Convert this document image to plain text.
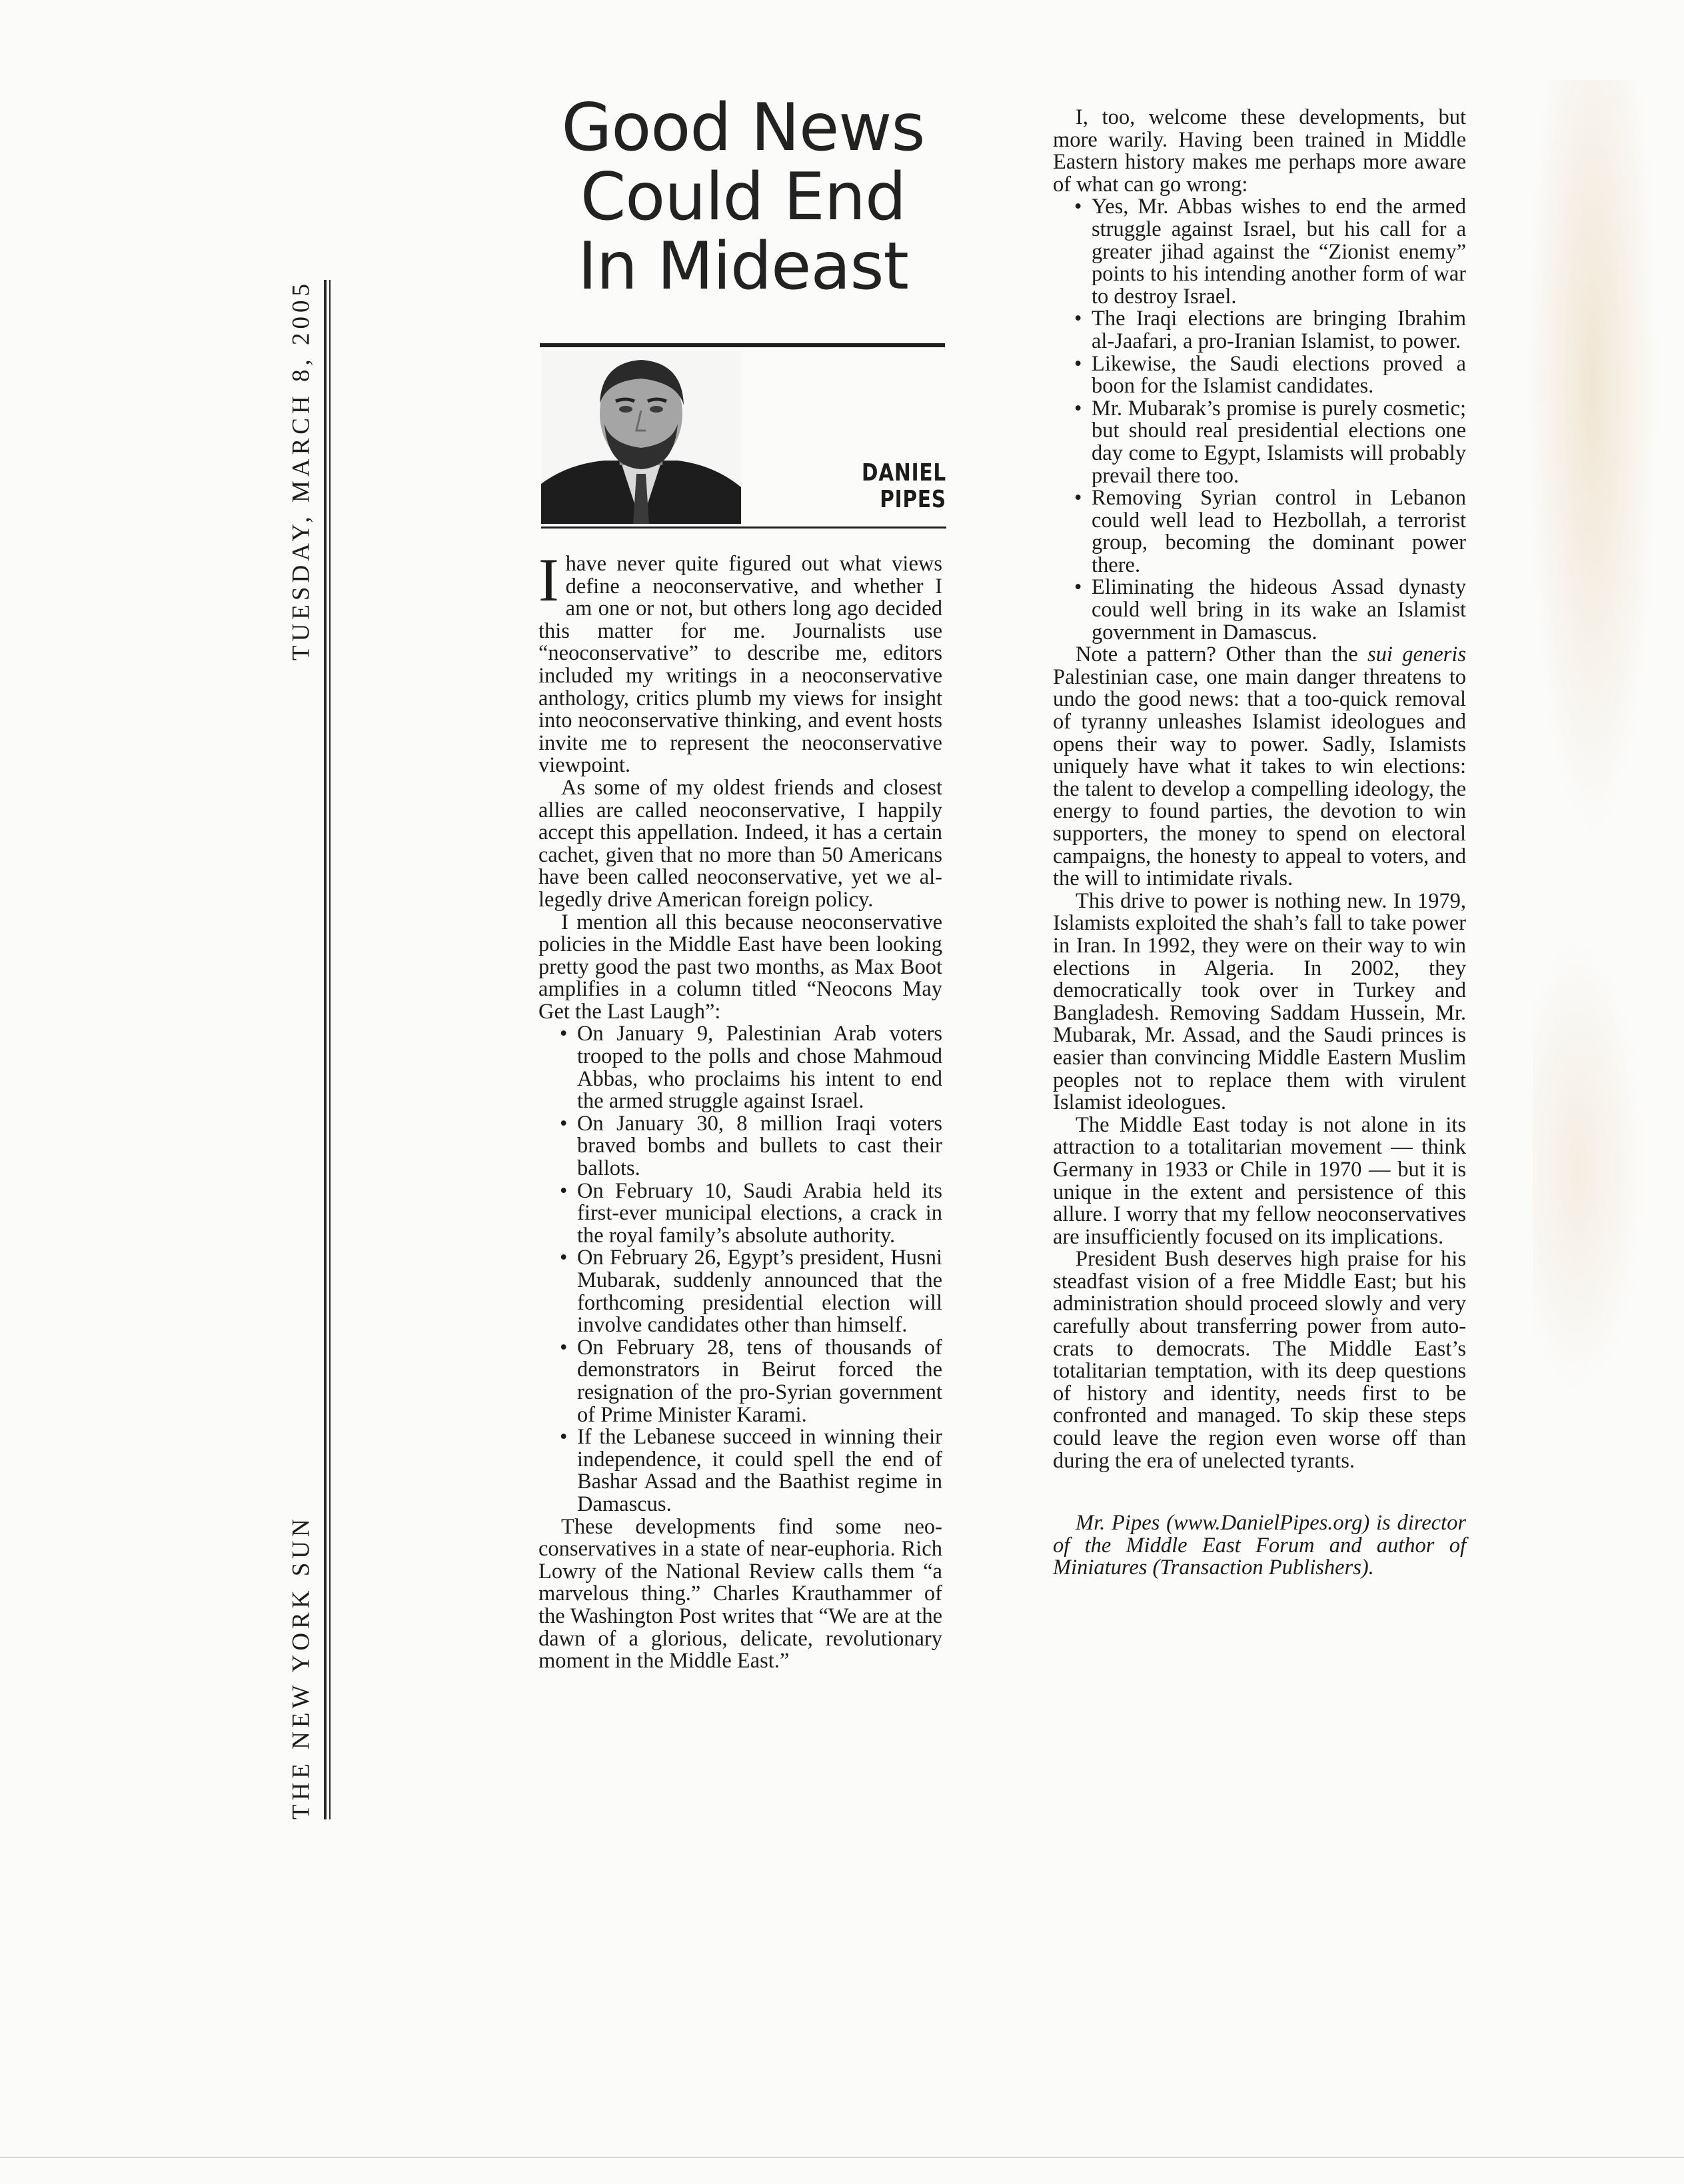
THE NEW YORK SUN
TUESDAY, MARCH 8, 2005
Good News
Could End
In Mideast
DANIEL
PIPES

Ihave never quite figured out what views define a neoconservative, and whether I am one or not, but others long ago decided this matter for me. Journalists use “neoconservative” to describe me, editors included my writings in a neoconservative anthology, critics plumb my views for insight into neoconservative thinking, and event hosts invite me to represent the neoconservative viewpoint.

As some of my oldest friends and closest allies are called neoconservative, I happily accept this appellation. Indeed, it has a certain cachet, given that no more than 50 Americans have been called neoconservative, yet we allegedly drive American foreign policy.

I mention all this because neoconservative policies in the Middle East have been looking pretty good the past two months, as Max Boot amplifies in a column titled “Neocons May Get the Last Laugh”:

• On January 9, Palestinian Arab voters trooped to the polls and chose Mahmoud Abbas, who proclaims his intent to end the armed struggle against Israel.
• On January 30, 8 million Iraqi voters braved bombs and bullets to cast their ballots.
• On February 10, Saudi Arabia held its first-ever municipal elections, a crack in the royal family’s absolute authority.
• On February 26, Egypt’s president, Husni Mubarak, suddenly announced that the forthcoming presidential election will involve candidates other than himself.
• On February 28, tens of thousands of demonstrators in Beirut forced the resignation of the pro-Syrian government of Prime Minister Karami.
• If the Lebanese succeed in winning their independence, it could spell the end of Bashar Assad and the Baathist regime in Damascus.

These developments find some neoconservatives in a state of near-euphoria. Rich Lowry of the National Review calls them “a marvelous thing.” Charles Krauthammer of the Washington Post writes that “We are at the dawn of a glorious, delicate, revolutionary moment in the Middle East.”

I, too, welcome these developments, but more warily. Having been trained in Middle Eastern history makes me perhaps more aware of what can go wrong:

• Yes, Mr. Abbas wishes to end the armed struggle against Israel, but his call for a greater jihad against the “Zionist enemy” points to his intending another form of war to destroy Israel.
• The Iraqi elections are bringing Ibrahim al-Jaafari, a pro-Iranian Islamist, to power.
• Likewise, the Saudi elections proved a boon for the Islamist candidates.
• Mr. Mubarak’s promise is purely cosmetic; but should real presidential elections one day come to Egypt, Islamists will probably prevail there too.
• Removing Syrian control in Lebanon could well lead to Hezbollah, a terrorist group, becoming the dominant power there.
• Eliminating the hideous Assad dynasty could well bring in its wake an Islamist government in Damascus.

Note a pattern? Other than the sui generis Palestinian case, one main danger threatens to undo the good news: that a too-quick removal of tyranny unleashes Islamist ideologues and opens their way to power. Sadly, Islamists uniquely have what it takes to win elections: the talent to develop a compelling ideology, the energy to found parties, the devotion to win supporters, the money to spend on electoral campaigns, the honesty to appeal to voters, and the will to intimidate rivals.

This drive to power is nothing new. In 1979, Islamists exploited the shah’s fall to take power in Iran. In 1992, they were on their way to win elections in Algeria. In 2002, they democratically took over in Turkey and Bangladesh. Removing Saddam Hussein, Mr. Mubarak, Mr. Assad, and the Saudi princes is easier than convincing Middle Eastern Muslim peoples not to replace them with virulent Islamist ideologues.

The Middle East today is not alone in its attraction to a totalitarian movement — think Germany in 1933 or Chile in 1970 — but it is unique in the extent and persistence of this allure. I worry that my fellow neoconservatives are insufficiently focused on its implications.

President Bush deserves high praise for his steadfast vision of a free Middle East; but his administration should proceed slowly and very carefully about transferring power from autocrats to democrats. The Middle East’s totalitarian temptation, with its deep questions of history and identity, needs first to be confronted and managed. To skip these steps could leave the region even worse off than during the era of unelected tyrants.

Mr. Pipes (www.DanielPipes.org) is director of the Middle East Forum and author of Miniatures (Transaction Publishers).
